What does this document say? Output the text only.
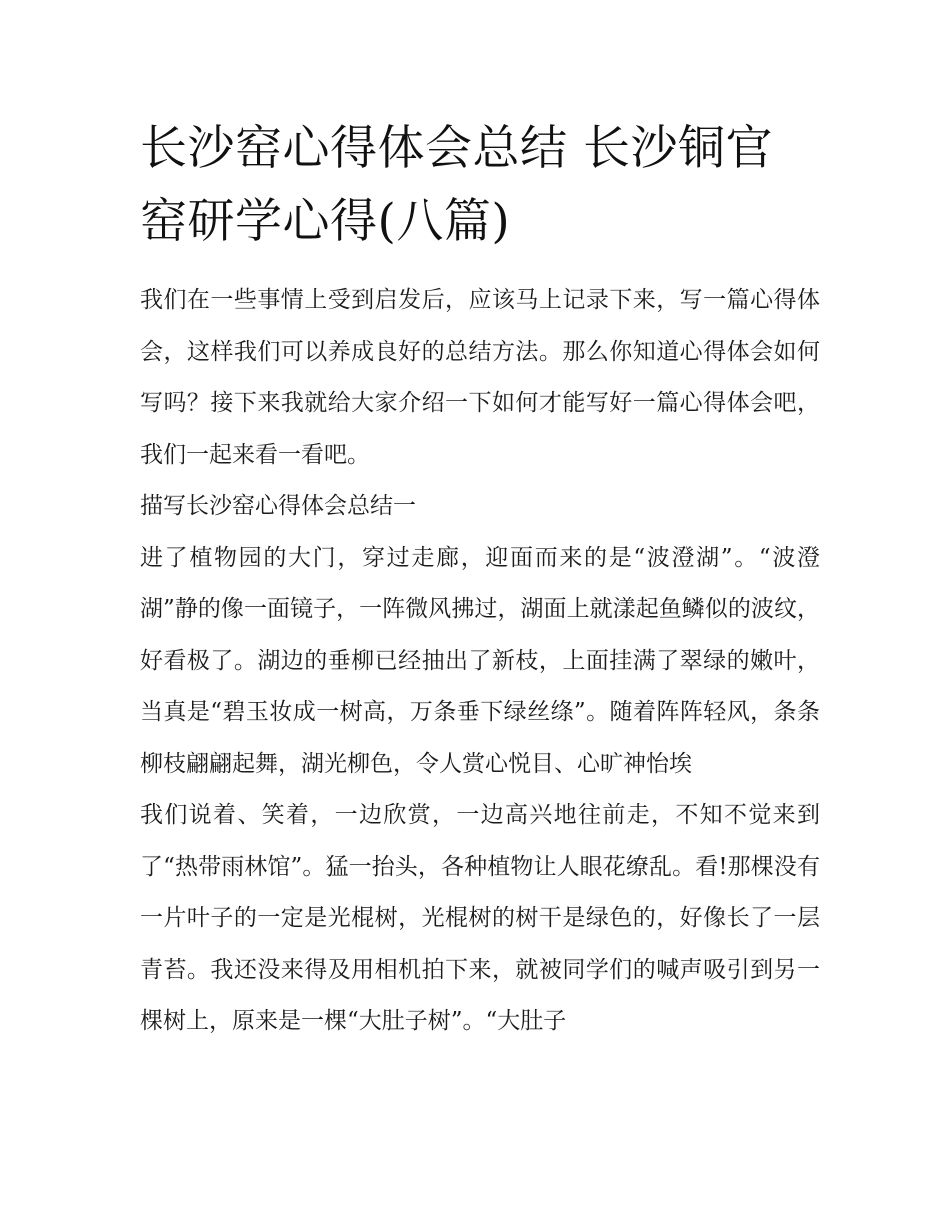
长沙窑心得体会总结 长沙铜官窑研学心得(八篇)

我们在一些事情上受到启发后，应该马上记录下来，写一篇心得体会，这样我们可以养成良好的总结方法。那么你知道心得体会如何写吗？接下来我就给大家介绍一下如何才能写好一篇心得体会吧，我们一起来看一看吧。

描写长沙窑心得体会总结一

进了植物园的大门，穿过走廊，迎面而来的是“波澄湖”。“波澄湖”静的像一面镜子，一阵微风拂过，湖面上就漾起鱼鳞似的波纹，好看极了。湖边的垂柳已经抽出了新枝，上面挂满了翠绿的嫩叶，当真是“碧玉妆成一树高，万条垂下绿丝绦”。随着阵阵轻风，条条柳枝翩翩起舞，湖光柳色，令人赏心悦目、心旷神怡埃

我们说着、笑着，一边欣赏，一边高兴地往前走，不知不觉来到了“热带雨林馆”。猛一抬头，各种植物让人眼花缭乱。看!那棵没有一片叶子的一定是光棍树，光棍树的树干是绿色的，好像长了一层青苔。我还没来得及用相机拍下来，就被同学们的喊声吸引到另一棵树上，原来是一棵“大肚子树”。“大肚子
